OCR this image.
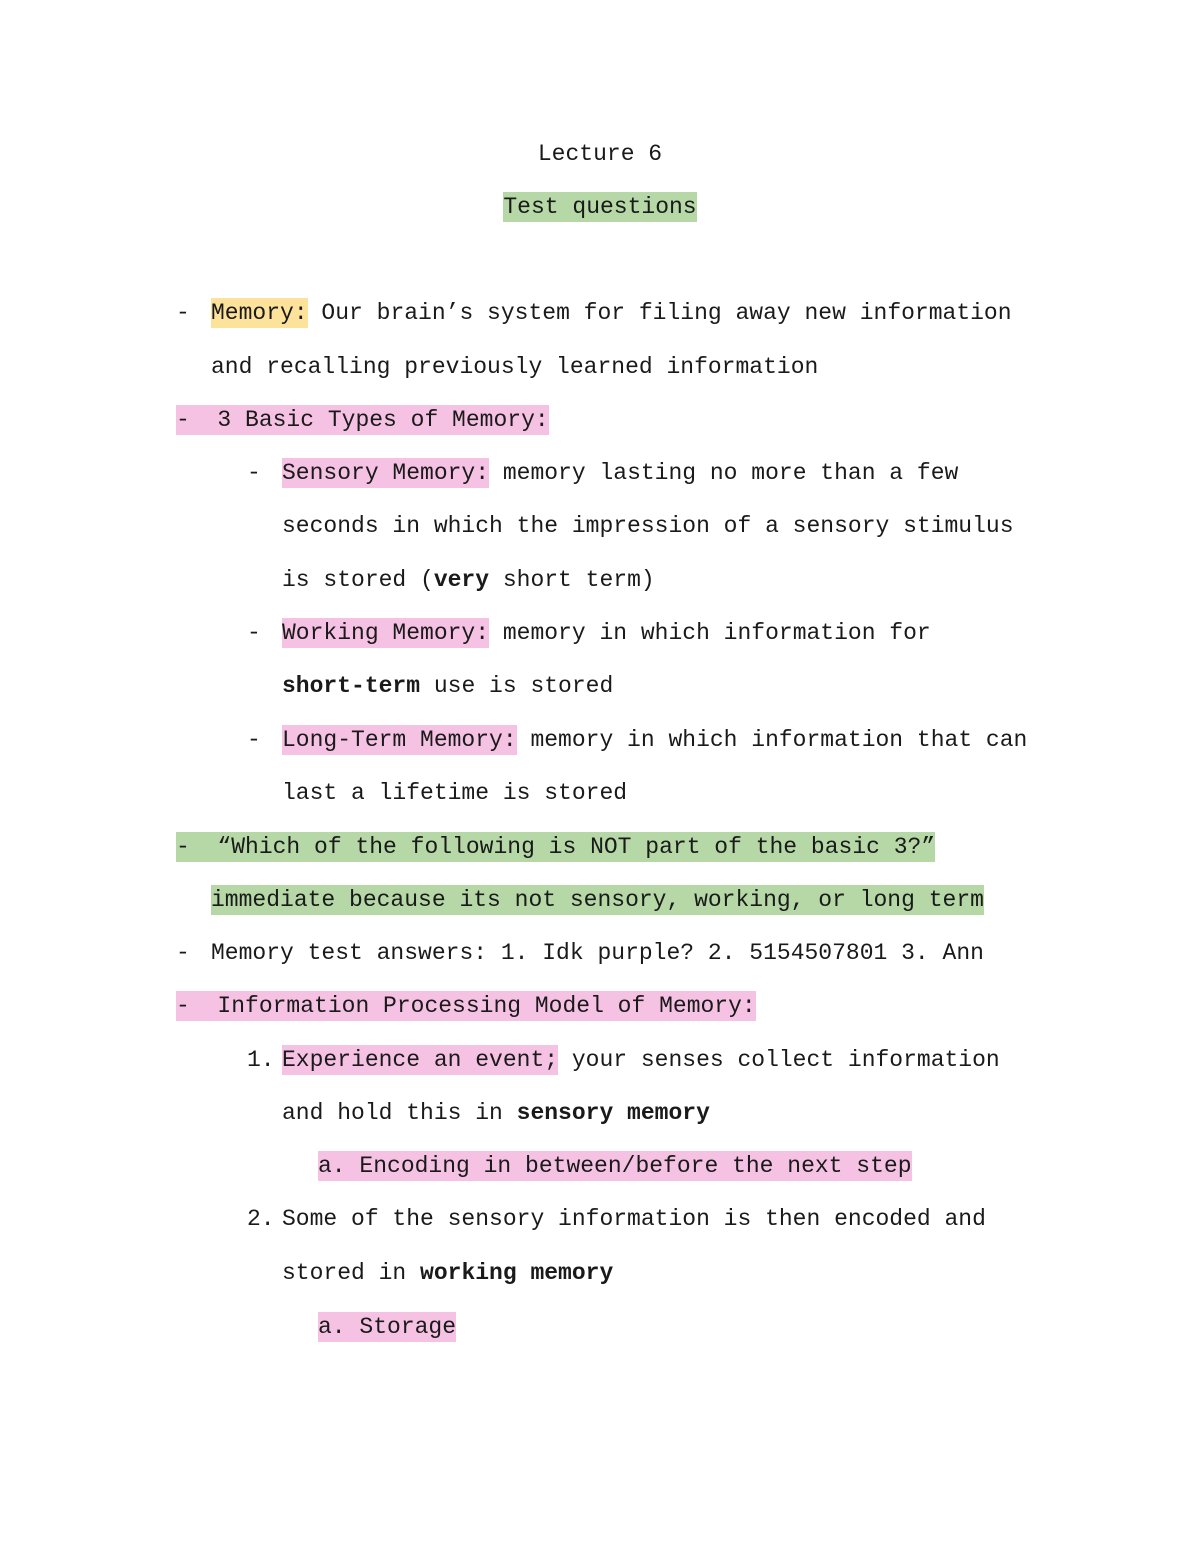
Lecture 6
Test questions
- Memory: Our brain’s system for filing away new information
and recalling previously learned information
-  3 Basic Types of Memory:
- Sensory Memory: memory lasting no more than a few
seconds in which the impression of a sensory stimulus
is stored (very short term)
- Working Memory: memory in which information for
short-term use is stored
- Long-Term Memory: memory in which information that can
last a lifetime is stored
-  “Which of the following is NOT part of the basic 3?”
immediate because its not sensory, working, or long term
- Memory test answers: 1. Idk purple? 2. 5154507801 3. Ann
-  Information Processing Model of Memory:
1. Experience an event; your senses collect information
and hold this in sensory memory
a. Encoding in between/before the next step
2. Some of the sensory information is then encoded and
stored in working memory
a. Storage
